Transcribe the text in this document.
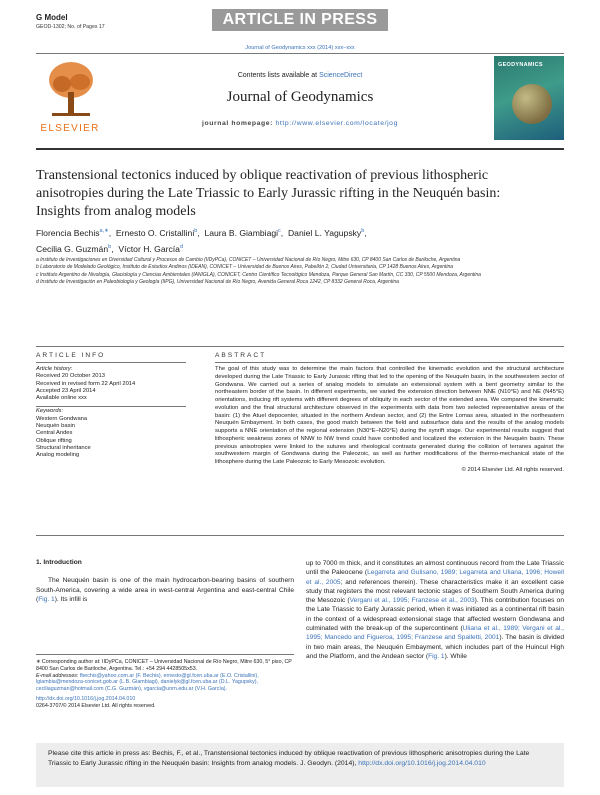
G Model
GEOD-1302; No. of Pages 17	ARTICLE IN PRESS
Journal of Geodynamics xxx (2014) xxx–xxx
ELSEVIER
Contents lists available at ScienceDirect
Journal of Geodynamics
journal homepage: http://www.elsevier.com/locate/jog
GEODYNAMICS
Transtensional tectonics induced by oblique reactivation of previous lithospheric anisotropies during the Late Triassic to Early Jurassic rifting in the Neuquén basin: Insights from analog models
Florencia Bechis$^{a,∗}$,  Ernesto O. Cristallini$^b$,  Laura B. Giambiagi$^c$,  Daniel L. Yagupsky$^b$,
Cecilia G. Guzmán$^b$,  Víctor H. García$^d$
a Instituto de Investigaciones en Diversidad Cultural y Procesos de Cambio (IIDyPCa), CONICET – Universidad Nacional de Río Negro, Mitre 630, CP 8400 San Carlos de Bariloche, Argentina
b Laboratorio de Modelado Geológico, Instituto de Estudios Andinos (IDEAN), CONICET – Universidad de Buenos Aires, Pabellón 2, Ciudad Universitaria, CP 1428 Buenos Aires, Argentina
c Instituto Argentino de Nivología, Glaciología y Ciencias Ambientales (IANIGLA), CONICET, Centro Científico Tecnológico Mendoza, Parque General San Martín, CC 330, CP 5500 Mendoza, Argentina
d Instituto de Investigación en Paleobiología y Geología (IIPG), Universidad Nacional de Río Negro, Avenida General Roca 1242, CP 8332 General Roca, Argentina
ARTICLE INFO	ABSTRACT
Article history:
Received 20 October 2013
Received in revised form 22 April 2014
Accepted 23 April 2014
Available online xxx
Keywords:
Western Gondwana
Neuquén basin
Central Andes
Oblique rifting
Structural inheritance
Analog modeling
The goal of this study was to determine the main factors that controlled the kinematic evolution and the structural architecture developed during the Late Triassic to Early Jurassic rifting that led to the opening of the Neuquén basin, in the southwestern sector of Gondwana. We carried out a series of analog models to simulate an extensional system with a bent geometry similar to the northeastern border of the basin. In different experiments, we varied the extension direction between NNE (N10°E) and NE (N45°E) orientations, inducing rift systems with different degrees of obliquity in each sector of the extended area. We compared the kinematic evolution and the final structural architecture observed in the experiments with data from two selected representative areas of the basin: (1) the Atuel depocenter, situated in the northern Andean sector, and (2) the Entre Lomas area, situated in the northeastern Neuquén Embayment. In both cases, the good match between the field and subsurface data and the results of the analog models supports a NNE orientation of the regional extension (N30°E–N20°E) during the synrift stage. Our experimental results suggest that lithospheric weakness zones of NNW to NW trend could have controlled and localized the extension in the Neuquén basin. These previous anisotropies were linked to the sutures and rheological contrasts generated during the collision of terranes against the southwestern margin of Gondwana during the Paleozoic, as well as further modifications of the thermo-mechanical state of the lithosphere during the Late Paleozoic to Early Mesozoic evolution.
© 2014 Elsevier Ltd. All rights reserved.
1. Introduction
The Neuquén basin is one of the main hydrocarbon-bearing basins of southern South-America, covering a wide area in west-central Argentina and east-central Chile (Fig. 1). Its infill is
∗ Corresponding author at: IIDyPCa, CONICET – Universidad Nacional de Río Negro, Mitre 630, 5° piso, CP 8400 San Carlos de Bariloche, Argentina. Tel.: +54 294 4428505x53.
E-mail addresses: fbechis@yahoo.com.ar (F. Bechis), ernesto@gl.fcen.uba.ar (E.O. Cristallini), lgiambia@mendoza-conicet.gob.ar (L.B. Giambiagi), danielyk@gl.fcen.uba.ar (D.L. Yagupsky), ceciliaguzman@hotmail.com (C.G. Guzmán), vgarcia@unrn.edu.ar (V.H. García).
http://dx.doi.org/10.1016/j.jog.2014.04.010
0264-3707/© 2014 Elsevier Ltd. All rights reserved.
up to 7000 m thick, and it constitutes an almost continuous record from the Late Triassic until the Paleocene (Legarreta and Gulisano, 1989; Legarreta and Uliana, 1996; Howell et al., 2005; and references therein). These characteristics make it an excellent case study that registers the most relevant tectonic stages of Southern South America during the Mesozoic (Vergani et al., 1995; Franzese et al., 2003). This contribution focuses on the Late Triassic to Early Jurassic period, when it was initiated as a continental rift basin in the context of a widespread extensional stage that affected western Gondwana and culminated with the break-up of the supercontinent (Uliana et al., 1989; Vergani et al., 1995; Mancedo and Figueroa, 1995; Franzese and Spalletti, 2001). The basin is divided in two main areas, the Neuquén Embayment, which includes part of the Huincul High and the Platform, and the Andean sector (Fig. 1). While
Please cite this article in press as: Bechis, F., et al., Transtensional tectonics induced by oblique reactivation of previous lithospheric anisotropies during the Late Triassic to Early Jurassic rifting in the Neuquén basin: Insights from analog models. J. Geodyn. (2014), http://dx.doi.org/10.1016/j.jog.2014.04.010
